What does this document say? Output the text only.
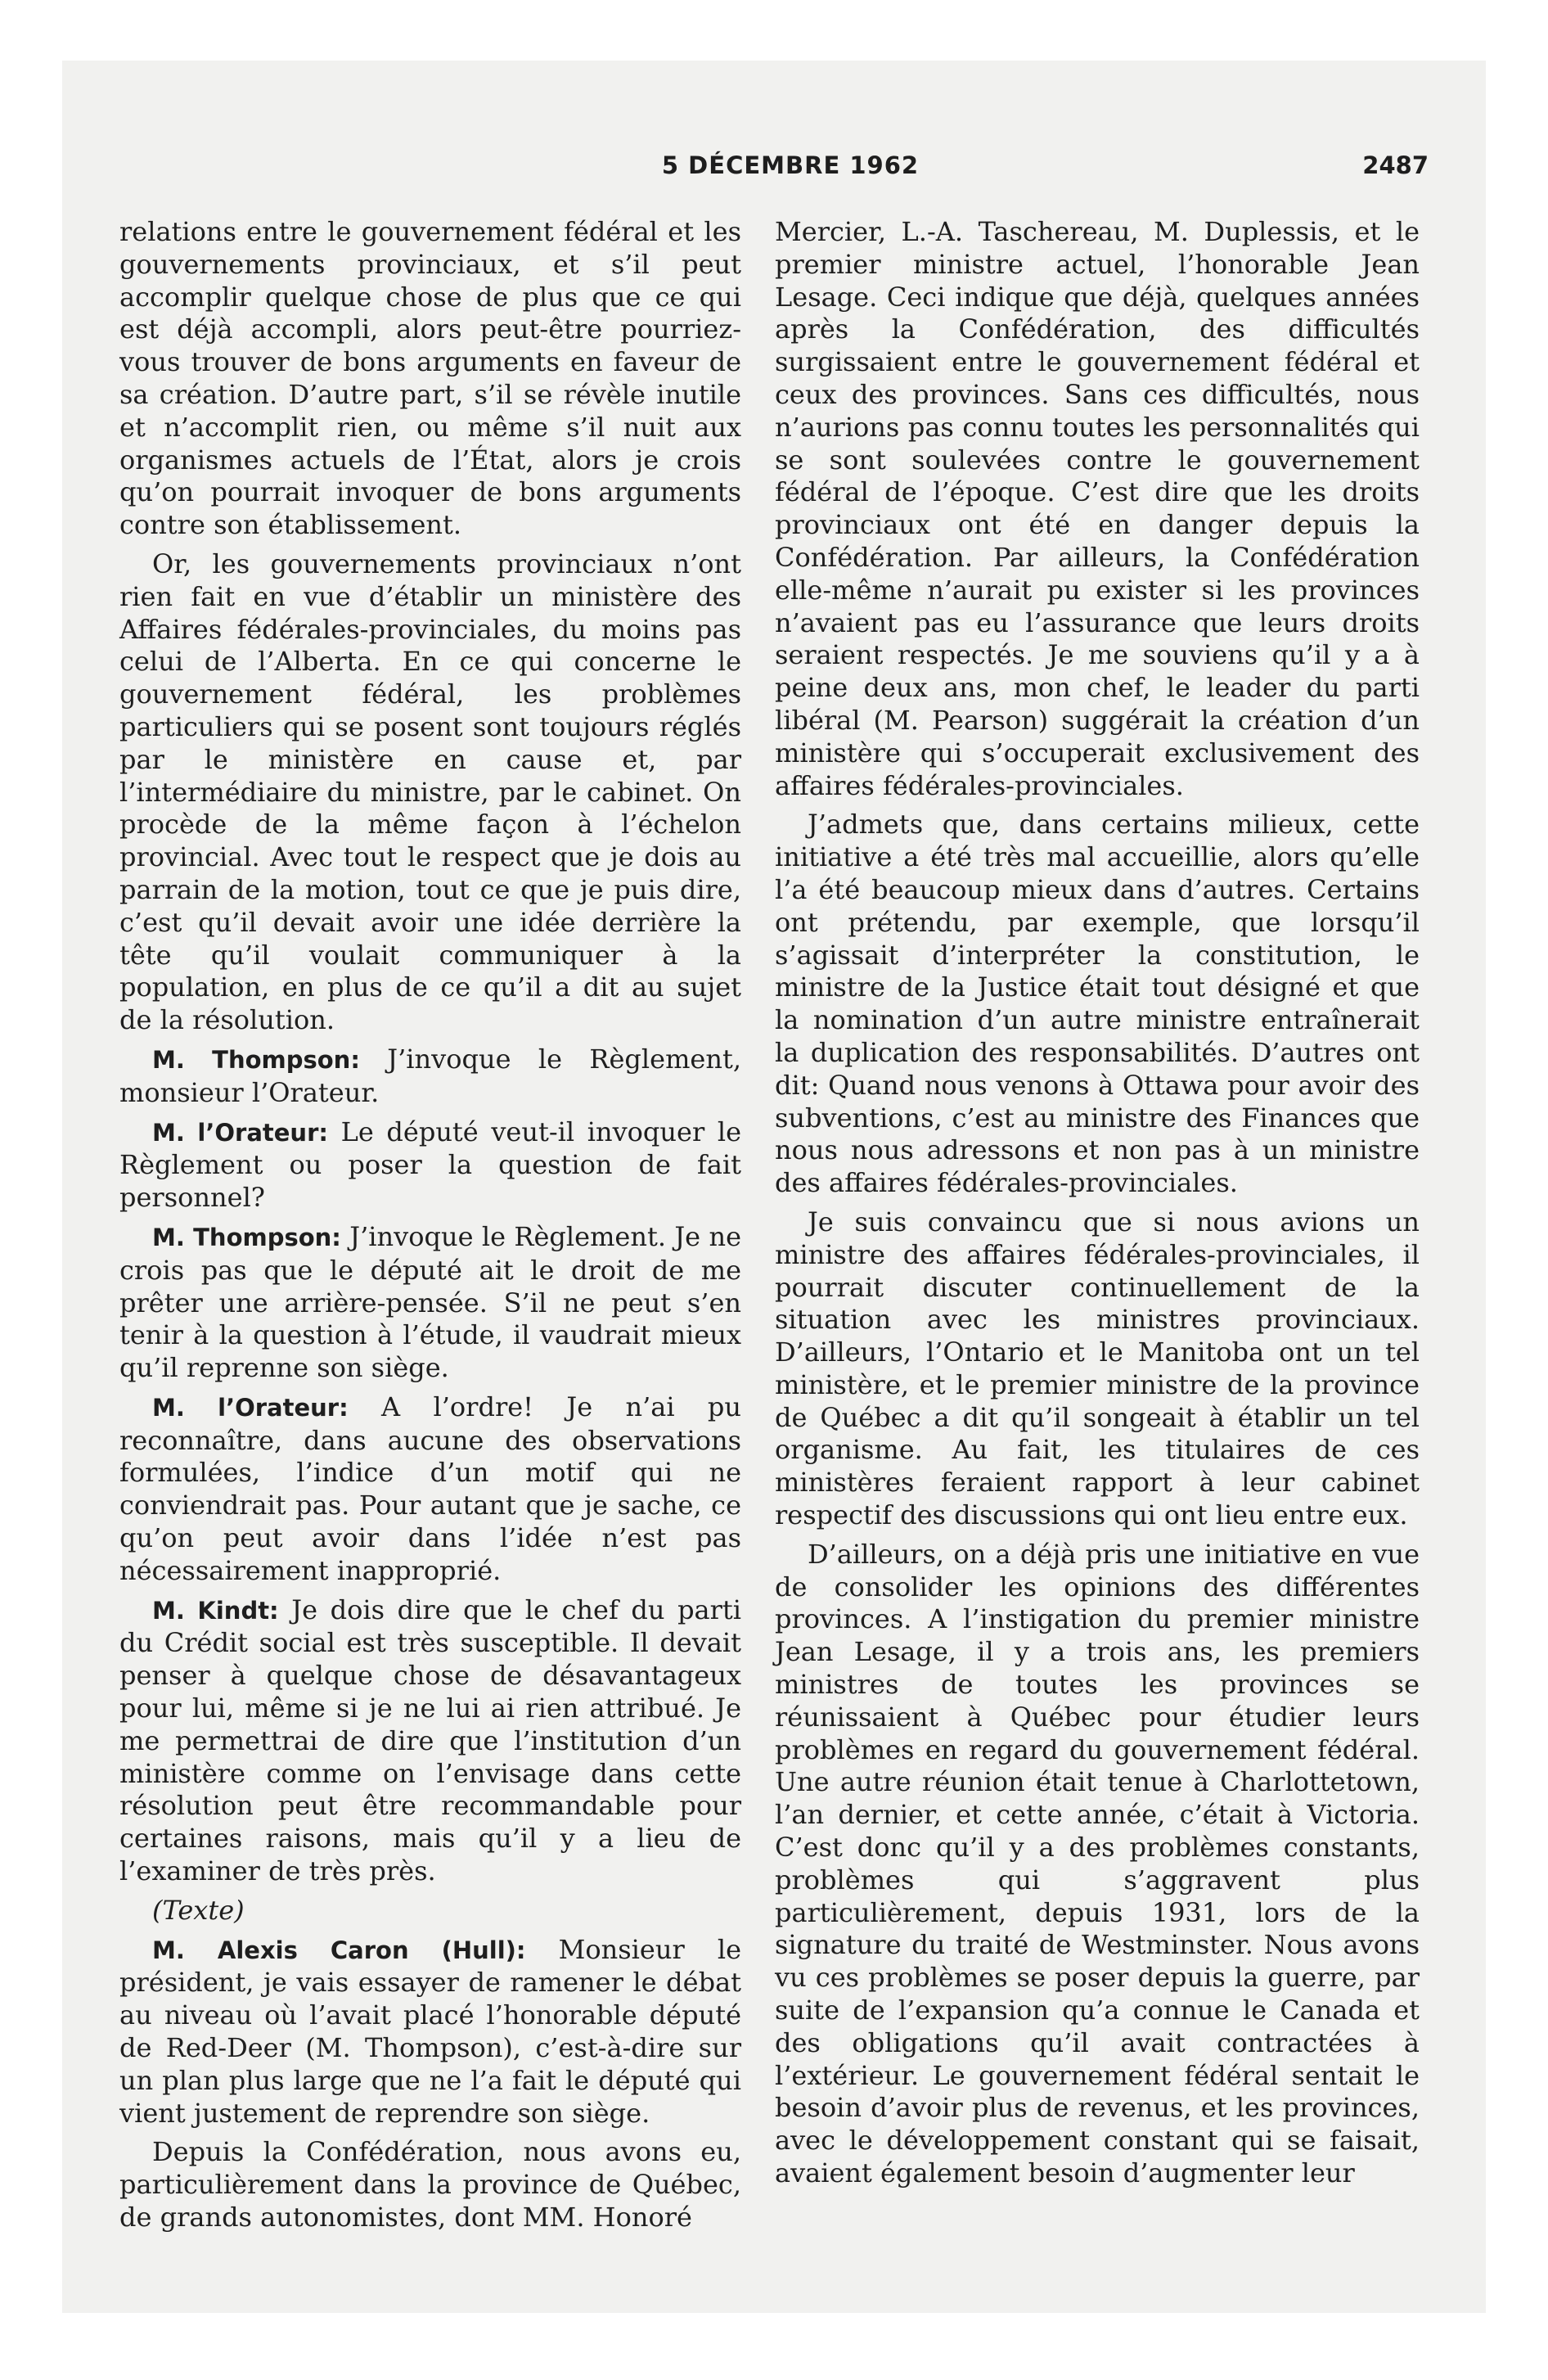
5 DÉCEMBRE 1962	2487

relations entre le gouvernement fédéral et les gouvernements provinciaux, et s’il peut accomplir quelque chose de plus que ce qui est déjà accompli, alors peut-être pourriez-vous trouver de bons arguments en faveur de sa création. D’autre part, s’il se révèle inutile et n’accomplit rien, ou même s’il nuit aux organismes actuels de l’État, alors je crois qu’on pourrait invoquer de bons arguments contre son établissement.

Or, les gouvernements provinciaux n’ont rien fait en vue d’établir un ministère des Affaires fédérales-provinciales, du moins pas celui de l’Alberta. En ce qui concerne le gouvernement fédéral, les problèmes particuliers qui se posent sont toujours réglés par le ministère en cause et, par l’intermédiaire du ministre, par le cabinet. On procède de la même façon à l’échelon provincial. Avec tout le respect que je dois au parrain de la motion, tout ce que je puis dire, c’est qu’il devait avoir une idée derrière la tête qu’il voulait communiquer à la population, en plus de ce qu’il a dit au sujet de la résolution.

M. Thompson: J’invoque le Règlement, monsieur l’Orateur.

M. l’Orateur: Le député veut-il invoquer le Règlement ou poser la question de fait personnel?

M. Thompson: J’invoque le Règlement. Je ne crois pas que le député ait le droit de me prêter une arrière-pensée. S’il ne peut s’en tenir à la question à l’étude, il vaudrait mieux qu’il reprenne son siège.

M. l’Orateur: A l’ordre! Je n’ai pu reconnaître, dans aucune des observations formulées, l’indice d’un motif qui ne conviendrait pas. Pour autant que je sache, ce qu’on peut avoir dans l’idée n’est pas nécessairement inapproprié.

M. Kindt: Je dois dire que le chef du parti du Crédit social est très susceptible. Il devait penser à quelque chose de désavantageux pour lui, même si je ne lui ai rien attribué. Je me permettrai de dire que l’institution d’un ministère comme on l’envisage dans cette résolution peut être recommandable pour certaines raisons, mais qu’il y a lieu de l’examiner de très près.

(Texte)

M. Alexis Caron (Hull): Monsieur le président, je vais essayer de ramener le débat au niveau où l’avait placé l’honorable député de Red-Deer (M. Thompson), c’est-à-dire sur un plan plus large que ne l’a fait le député qui vient justement de reprendre son siège.

Depuis la Confédération, nous avons eu, particulièrement dans la province de Québec, de grands autonomistes, dont MM. Honoré

Mercier, L.-A. Taschereau, M. Duplessis, et le premier ministre actuel, l’honorable Jean Lesage. Ceci indique que déjà, quelques années après la Confédération, des difficultés surgissaient entre le gouvernement fédéral et ceux des provinces. Sans ces difficultés, nous n’aurions pas connu toutes les personnalités qui se sont soulevées contre le gouvernement fédéral de l’époque. C’est dire que les droits provinciaux ont été en danger depuis la Confédération. Par ailleurs, la Confédération elle-même n’aurait pu exister si les provinces n’avaient pas eu l’assurance que leurs droits seraient respectés. Je me souviens qu’il y a à peine deux ans, mon chef, le leader du parti libéral (M. Pearson) suggérait la création d’un ministère qui s’occuperait exclusivement des affaires fédérales-provinciales.

J’admets que, dans certains milieux, cette initiative a été très mal accueillie, alors qu’elle l’a été beaucoup mieux dans d’autres. Certains ont prétendu, par exemple, que lorsqu’il s’agissait d’interpréter la constitution, le ministre de la Justice était tout désigné et que la nomination d’un autre ministre entraînerait la duplication des responsabilités. D’autres ont dit: Quand nous venons à Ottawa pour avoir des subventions, c’est au ministre des Finances que nous nous adressons et non pas à un ministre des affaires fédérales-provinciales.

Je suis convaincu que si nous avions un ministre des affaires fédérales-provinciales, il pourrait discuter continuellement de la situation avec les ministres provinciaux. D’ailleurs, l’Ontario et le Manitoba ont un tel ministère, et le premier ministre de la province de Québec a dit qu’il songeait à établir un tel organisme. Au fait, les titulaires de ces ministères feraient rapport à leur cabinet respectif des discussions qui ont lieu entre eux.

D’ailleurs, on a déjà pris une initiative en vue de consolider les opinions des différentes provinces. A l’instigation du premier ministre Jean Lesage, il y a trois ans, les premiers ministres de toutes les provinces se réunissaient à Québec pour étudier leurs problèmes en regard du gouvernement fédéral. Une autre réunion était tenue à Charlottetown, l’an dernier, et cette année, c’était à Victoria. C’est donc qu’il y a des problèmes constants, problèmes qui s’aggravent plus particulièrement, depuis 1931, lors de la signature du traité de Westminster. Nous avons vu ces problèmes se poser depuis la guerre, par suite de l’expansion qu’a connue le Canada et des obligations qu’il avait contractées à l’extérieur. Le gouvernement fédéral sentait le besoin d’avoir plus de revenus, et les provinces, avec le développement constant qui se faisait, avaient également besoin d’augmenter leur
